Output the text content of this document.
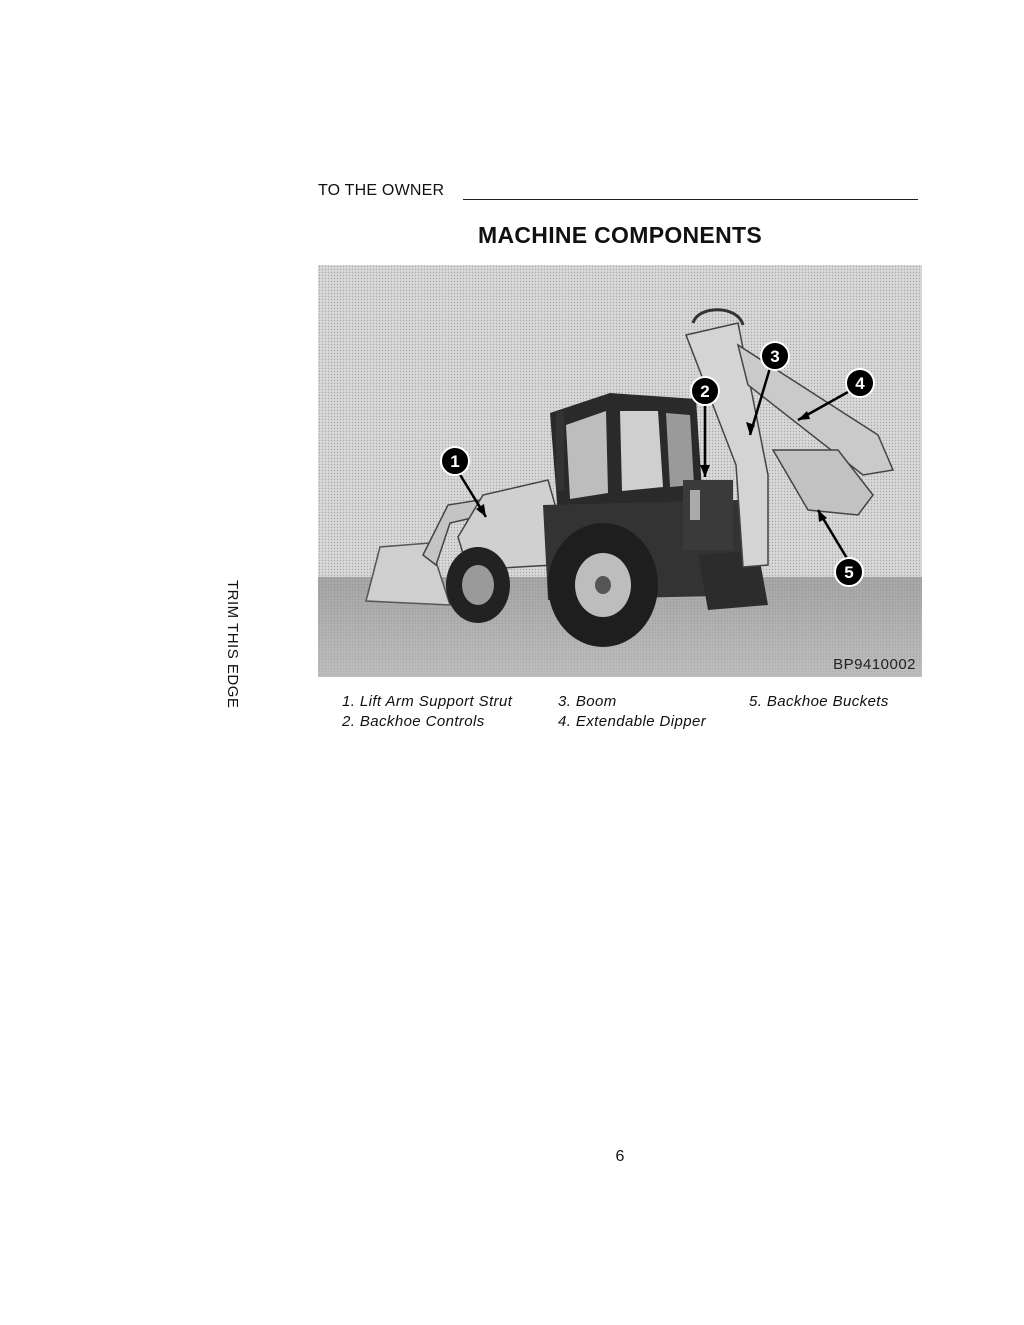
TO THE OWNER
MACHINE COMPONENTS
1
2
3
4
5
BP9410002
1. Lift Arm Support Strut
2. Backhoe Controls
3. Boom
4. Extendable Dipper
5. Backhoe Buckets
TRIM THIS EDGE
6
